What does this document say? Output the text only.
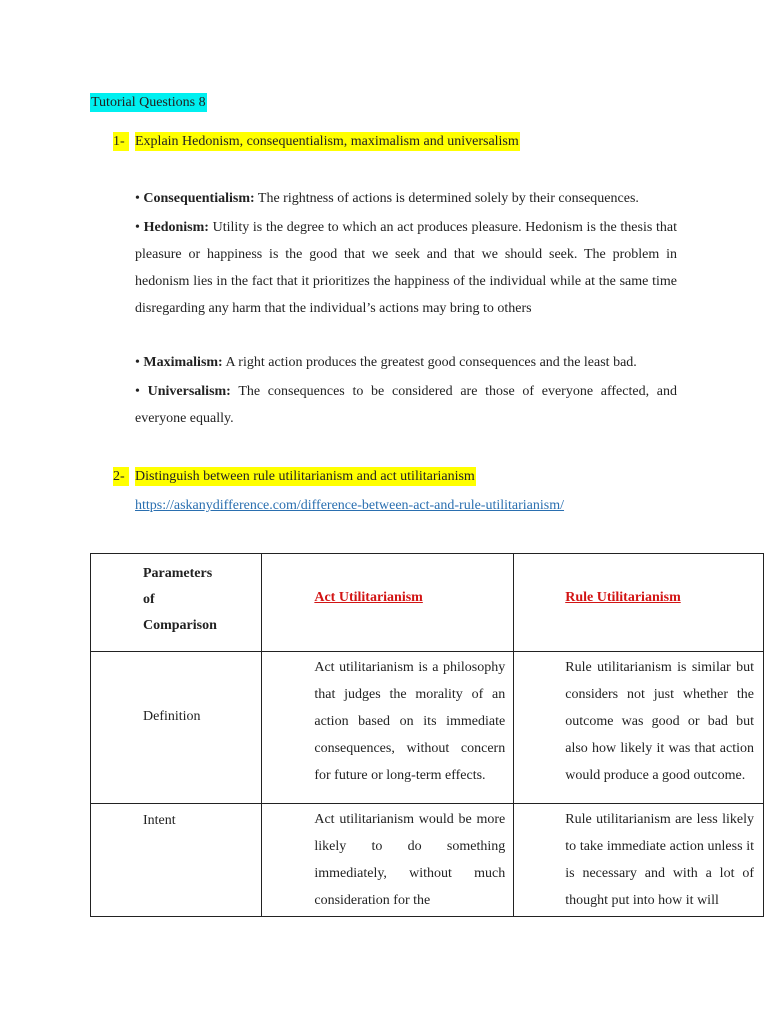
Tutorial Questions 8
1- Explain Hedonism, consequentialism, maximalism and universalism
• Consequentialism: The rightness of actions is determined solely by their consequences.
• Hedonism: Utility is the degree to which an act produces pleasure. Hedonism is the thesis that pleasure or happiness is the good that we seek and that we should seek. The problem in hedonism lies in the fact that it prioritizes the happiness of the individual while at the same time disregarding any harm that the individual’s actions may bring to others
• Maximalism: A right action produces the greatest good consequences and the least bad.
• Universalism: The consequences to be considered are those of everyone affected, and everyone equally.
2- Distinguish between rule utilitarianism and act utilitarianism
https://askanydifference.com/difference-between-act-and-rule-utilitarianism/
Parameters
of
Comparison	Act Utilitarianism	Rule Utilitarianism
Definition	Act utilitarianism is a philosophy that judges the morality of an action based on its immediate consequences, without concern for future or long-term effects.	Rule utilitarianism is similar but considers not just whether the outcome was good or bad but also how likely it was that action would produce a good outcome.
Intent	Act utilitarianism would be more likely to do something immediately, without much consideration for the	Rule utilitarianism are less likely to take immediate action unless it is necessary and with a lot of thought put into how it will
